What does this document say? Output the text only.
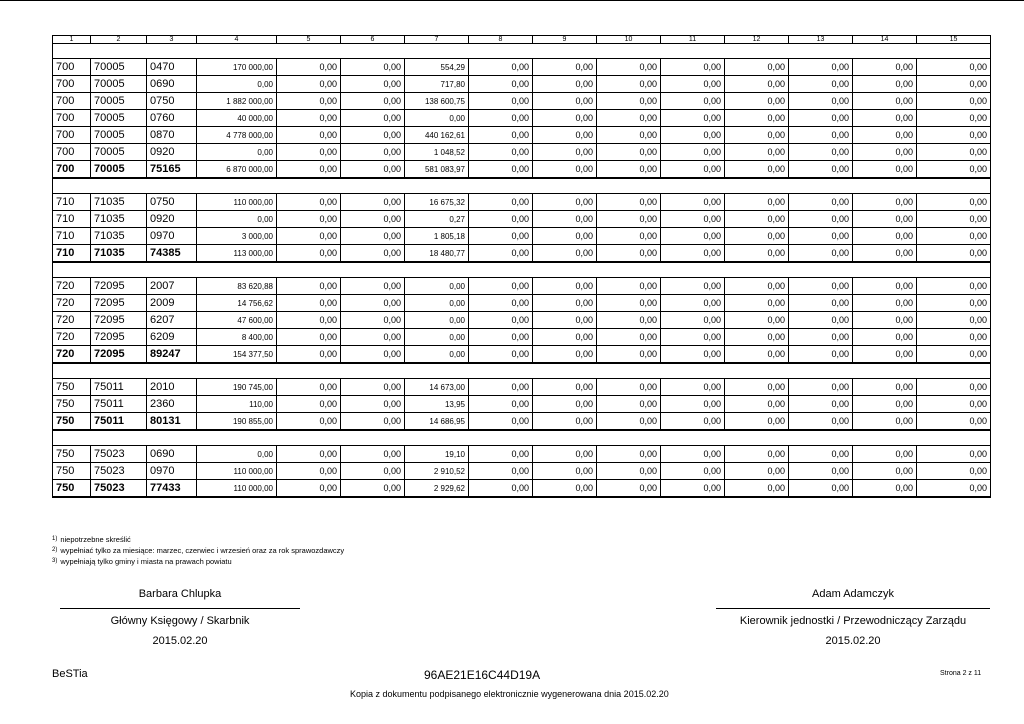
1	2	3	4	5	6	7	8	9	10	11	12	13	14	15

700	70005	0470	170 000,00	0,00	0,00	554,29	0,00	0,00	0,00	0,00	0,00	0,00	0,00	0,00
700	70005	0690	0,00	0,00	0,00	717,80	0,00	0,00	0,00	0,00	0,00	0,00	0,00	0,00
700	70005	0750	1 882 000,00	0,00	0,00	138 600,75	0,00	0,00	0,00	0,00	0,00	0,00	0,00	0,00
700	70005	0760	40 000,00	0,00	0,00	0,00	0,00	0,00	0,00	0,00	0,00	0,00	0,00	0,00
700	70005	0870	4 778 000,00	0,00	0,00	440 162,61	0,00	0,00	0,00	0,00	0,00	0,00	0,00	0,00
700	70005	0920	0,00	0,00	0,00	1 048,52	0,00	0,00	0,00	0,00	0,00	0,00	0,00	0,00
700	70005	75165	6 870 000,00	0,00	0,00	581 083,97	0,00	0,00	0,00	0,00	0,00	0,00	0,00	0,00

710	71035	0750	110 000,00	0,00	0,00	16 675,32	0,00	0,00	0,00	0,00	0,00	0,00	0,00	0,00
710	71035	0920	0,00	0,00	0,00	0,27	0,00	0,00	0,00	0,00	0,00	0,00	0,00	0,00
710	71035	0970	3 000,00	0,00	0,00	1 805,18	0,00	0,00	0,00	0,00	0,00	0,00	0,00	0,00
710	71035	74385	113 000,00	0,00	0,00	18 480,77	0,00	0,00	0,00	0,00	0,00	0,00	0,00	0,00

720	72095	2007	83 620,88	0,00	0,00	0,00	0,00	0,00	0,00	0,00	0,00	0,00	0,00	0,00
720	72095	2009	14 756,62	0,00	0,00	0,00	0,00	0,00	0,00	0,00	0,00	0,00	0,00	0,00
720	72095	6207	47 600,00	0,00	0,00	0,00	0,00	0,00	0,00	0,00	0,00	0,00	0,00	0,00
720	72095	6209	8 400,00	0,00	0,00	0,00	0,00	0,00	0,00	0,00	0,00	0,00	0,00	0,00
720	72095	89247	154 377,50	0,00	0,00	0,00	0,00	0,00	0,00	0,00	0,00	0,00	0,00	0,00

750	75011	2010	190 745,00	0,00	0,00	14 673,00	0,00	0,00	0,00	0,00	0,00	0,00	0,00	0,00
750	75011	2360	110,00	0,00	0,00	13,95	0,00	0,00	0,00	0,00	0,00	0,00	0,00	0,00
750	75011	80131	190 855,00	0,00	0,00	14 686,95	0,00	0,00	0,00	0,00	0,00	0,00	0,00	0,00

750	75023	0690	0,00	0,00	0,00	19,10	0,00	0,00	0,00	0,00	0,00	0,00	0,00	0,00
750	75023	0970	110 000,00	0,00	0,00	2 910,52	0,00	0,00	0,00	0,00	0,00	0,00	0,00	0,00
750	75023	77433	110 000,00	0,00	0,00	2 929,62	0,00	0,00	0,00	0,00	0,00	0,00	0,00	0,00
$^{1)}$ niepotrzebne skreślić
$^{2)}$ wypełniać tylko za miesiące: marzec, czerwiec i wrzesień oraz za rok sprawozdawczy
$^{3)}$ wypełniają tylko gminy i miasta na prawach powiatu
Barbara Chlupka
Główny Księgowy / Skarbnik
2015.02.20
Adam Adamczyk
Kierownik jednostki / Przewodniczący Zarządu
2015.02.20
BeSTia	96AE21E16C44D19A	Strona 2 z 11
Kopia z dokumentu podpisanego elektronicznie wygenerowana dnia 2015.02.20
